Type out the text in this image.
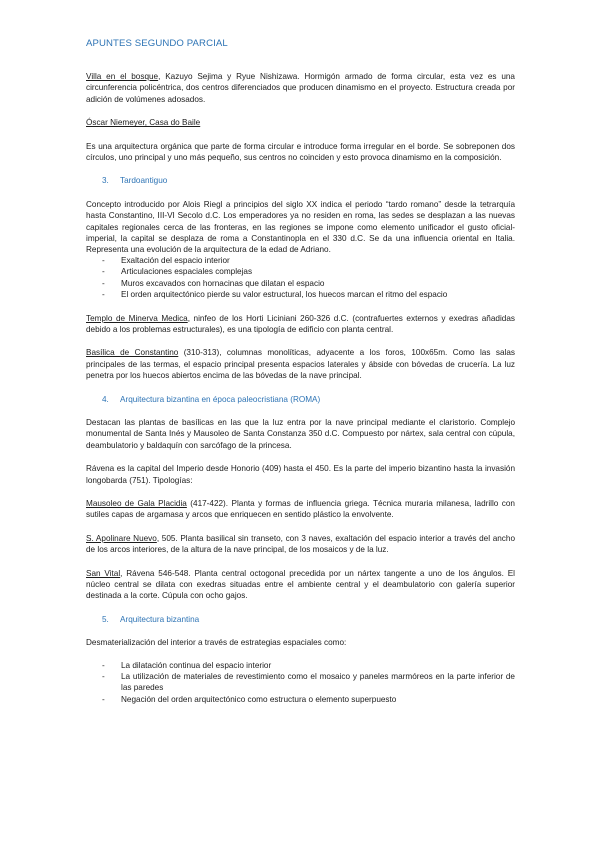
APUNTES SEGUNDO PARCIAL

Villa en el bosque, Kazuyo Sejima y Ryue Nishizawa. Hormigón armado de forma circular, esta vez es una circunferencia policéntrica, dos centros diferenciados que producen dinamismo en el proyecto. Estructura creada por adición de volúmenes adosados.

Óscar Niemeyer, Casa do Baile

Es una arquitectura orgánica que parte de forma circular e introduce forma irregular en el borde. Se sobreponen dos círculos, uno principal y uno más pequeño, sus centros no coinciden y esto provoca dinamismo en la composición.

3. Tardoantiguo

Concepto introducido por Alois Riegl a principios del siglo XX indica el periodo “tardo romano” desde la tetrarquía hasta Constantino, III-VI Secolo d.C. Los emperadores ya no residen en roma, las sedes se desplazan a las nuevas capitales regionales cerca de las fronteras, en las regiones se impone como elemento unificador el gusto oficial-imperial, la capital se desplaza de roma a Constantinopla en el 330 d.C. Se da una influencia oriental en Italia. Representa una evolución de la arquitectura de la edad de Adriano.

- Exaltación del espacio interior
- Articulaciones espaciales complejas
- Muros excavados con hornacinas que dilatan el espacio
- El orden arquitectónico pierde su valor estructural, los huecos marcan el ritmo del espacio

Templo de Minerva Medica, ninfeo de los Horti Liciniani 260-326 d.C. (contrafuertes externos y exedras añadidas debido a los problemas estructurales), es una tipología de edificio con planta central.

Basílica de Constantino (310-313), columnas monolíticas, adyacente a los foros, 100x65m. Como las salas principales de las termas, el espacio principal presenta espacios laterales y ábside con bóvedas de crucería. La luz penetra por los huecos abiertos encima de las bóvedas de la nave principal.

4. Arquitectura bizantina en época paleocristiana (ROMA)

Destacan las plantas de basílicas en las que la luz entra por la nave principal mediante el claristorio. Complejo monumental de Santa Inés y Mausoleo de Santa Constanza 350 d.C. Compuesto por nártex, sala central con cúpula, deambulatorio y baldaquín con sarcófago de la princesa.

Rávena es la capital del Imperio desde Honorio (409) hasta el 450. Es la parte del imperio bizantino hasta la invasión longobarda (751). Tipologías:

Mausoleo de Gala Placidia (417-422). Planta y formas de influencia griega. Técnica muraria milanesa, ladrillo con sutiles capas de argamasa y arcos que enriquecen en sentido plástico la envolvente.

S. Apolinare Nuevo, 505. Planta basilical sin transeto, con 3 naves, exaltación del espacio interior a través del ancho de los arcos interiores, de la altura de la nave principal, de los mosaicos y de la luz.

San Vital, Rávena 546-548. Planta central octogonal precedida por un nártex tangente a uno de los ángulos. El núcleo central se dilata con exedras situadas entre el ambiente central y el deambulatorio con galería superior destinada a la corte. Cúpula con ocho gajos.

5. Arquitectura bizantina

Desmaterialización del interior a través de estrategias espaciales como:

- La dilatación continua del espacio interior
- La utilización de materiales de revestimiento como el mosaico y paneles marmóreos en la parte inferior de las paredes
- Negación del orden arquitectónico como estructura o elemento superpuesto
